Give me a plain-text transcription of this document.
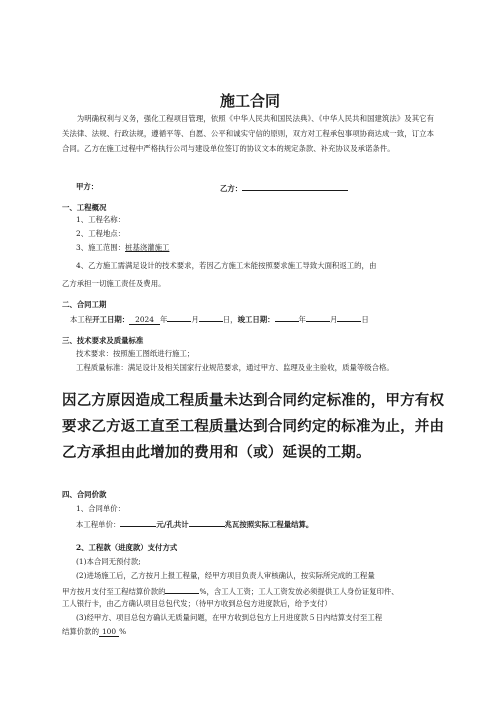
施工合同
为明确权利与义务，强化工程项目管理，依照《中华人民共和国民法典》、《中华人民共和国建筑法》及其它有关法律、法规、行政法规，遵循平等、自愿、公平和诚实守信的原则，双方对工程承包事项协商达成一致，订立本合同。乙方在施工过程中严格执行公司与建设单位签订的协议文本的规定条款、补充协议及承诺条件。
甲方：	乙方：
一、工程概况
1、工程名称：
2、工程地点：
3、施工范围：桩基浇灌施工
4、乙方施工需满足设计的技术要求，若因乙方施工未能按照要求施工导致大面积返工的，由
乙方承担一切施工责任及费用。
二、合同工期
本工程开工日期： 2024 年	月	日，竣工日期：	年	月	日
三、技术要求及质量标准
技术要求：按照施工图纸进行施工；
工程质量标准：满足设计及相关国家行业规范要求，通过甲方、监理及业主验收，质量等级合格。
因乙方原因造成工程质量未达到合同约定标准的，甲方有权要求乙方返工直至工程质量达到合同约定的标准为止，并由乙方承担由此增加的费用和（或）延误的工期。
四、合同价款
1、合同单价：
本工程单价：	元/孔共计	兆瓦按照实际工程量结算。
2、工程款（进度款）支付方式
(1)本合同无预付款;
(2)进场施工后，乙方按月上报工程量，经甲方项目负责人审核确认，按实际所完成的工程量
甲方按月支付至工程结算价款的	%，含工人工资；工人工资发放必须提供工人身份证复印件、
工人银行卡，由乙方确认项目总包代发；（待甲方收到总包方进度款后，给予支付）
(3)经甲方、项目总包方确认无质量问题，在甲方收到总包方上月进度款５日内结算支付至工程
结算价款的 100 %
